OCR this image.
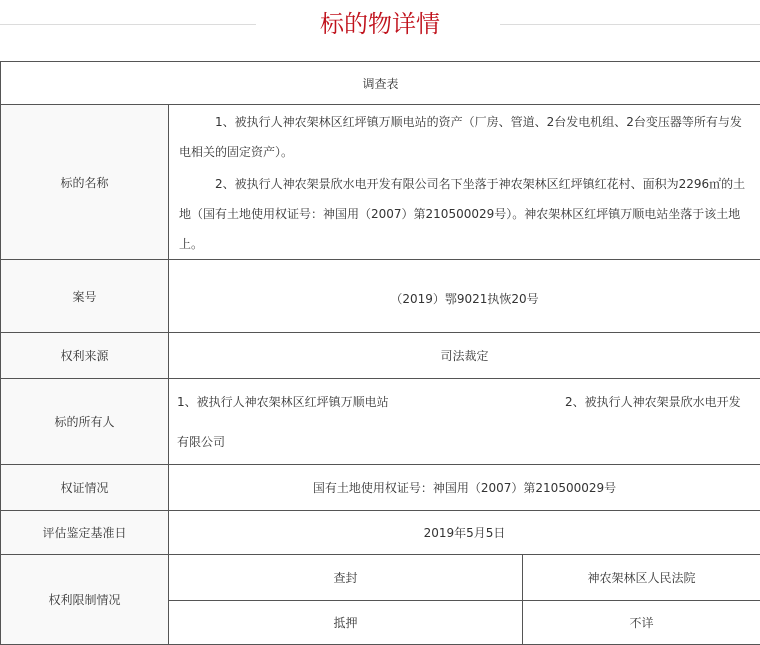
标的物详情
调查表		
标的名称	1、被执行人神农架林区红坪镇万顺电站的资产（厂房、管道、2台发电机组、2台变压器等所有与发电相关的固定资产）。
2、被执行人神农架景欣水电开发有限公司名下坐落于神农架林区红坪镇红花村、面积为2296㎡的土地（国有土地使用权证号：神国用（2007）第210500029号）。神农架林区红坪镇万顺电站坐落于该土地上。	

案号	（2019）鄂9021执恢20号	

权利来源	司法裁定	
标的所有人	1、被执行人神农架林区红坪镇万顺电站 2、被执行人神农架景欣水电开发有限公司	

权证情况	国有土地使用权证号：神国用（2007）第210500029号	
评估鉴定基准日	2019年5月5日	
权利限制情况	查封	神农架林区人民法院
	抵押	不详
